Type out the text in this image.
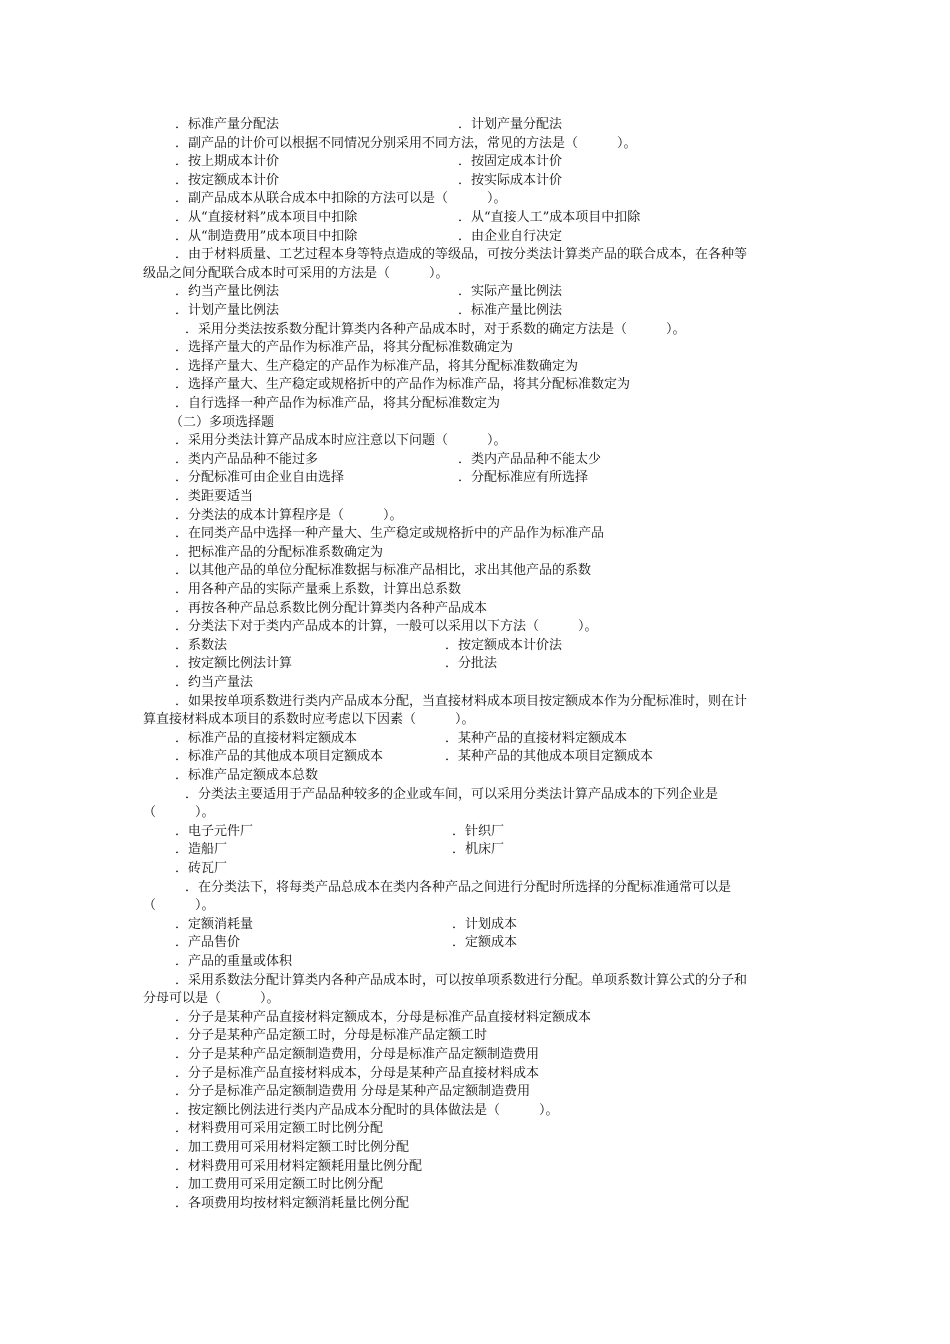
．标准产量分配法	．计划产量分配法
．副产品的计价可以根据不同情况分别采用不同方法，常见的方法是（　　　）。
．按上期成本计价	．按固定成本计价
．按定额成本计价	．按实际成本计价
．副产品成本从联合成本中扣除的方法可以是（　　　）。
．从“直接材料”成本项目中扣除	．从“直接人工”成本项目中扣除
．从“制造费用”成本项目中扣除	．由企业自行决定
．由于材料质量、工艺过程本身等特点造成的等级品，可按分类法计算类产品的联合成本，在各种等
级品之间分配联合成本时可采用的方法是（　　　）。
．约当产量比例法	．实际产量比例法
．计划产量比例法	．标准产量比例法
．采用分类法按系数分配计算类内各种产品成本时，对于系数的确定方法是（　　　）。
．选择产量大的产品作为标准产品，将其分配标准数确定为
．选择产量大、生产稳定的产品作为标准产品，将其分配标准数确定为
．选择产量大、生产稳定或规格折中的产品作为标准产品，将其分配标准数定为
．自行选择一种产品作为标准产品，将其分配标准数定为
（二）多项选择题
．采用分类法计算产品成本时应注意以下问题（　　　）。
．类内产品品种不能过多	．类内产品品种不能太少
．分配标准可由企业自由选择	．分配标准应有所选择
．类距要适当
．分类法的成本计算程序是（　　　）。
．在同类产品中选择一种产量大、生产稳定或规格折中的产品作为标准产品
．把标准产品的分配标准系数确定为
．以其他产品的单位分配标准数据与标准产品相比，求出其他产品的系数
．用各种产品的实际产量乘上系数，计算出总系数
．再按各种产品总系数比例分配计算类内各种产品成本
．分类法下对于类内产品成本的计算，一般可以采用以下方法（　　　）。
．系数法	．按定额成本计价法
．按定额比例法计算	．分批法
．约当产量法
．如果按单项系数进行类内产品成本分配，当直接材料成本项目按定额成本作为分配标准时，则在计
算直接材料成本项目的系数时应考虑以下因素（　　　）。
．标准产品的直接材料定额成本	．某种产品的直接材料定额成本
．标准产品的其他成本项目定额成本	．某种产品的其他成本项目定额成本
．标准产品定额成本总数
．分类法主要适用于产品品种较多的企业或车间，可以采用分类法计算产品成本的下列企业是
（　　　）。
．电子元件厂	．针织厂
．造船厂	．机床厂
．砖瓦厂
．在分类法下，将每类产品总成本在类内各种产品之间进行分配时所选择的分配标准通常可以是
（　　　）。
．定额消耗量	．计划成本
．产品售价	．定额成本
．产品的重量或体积
．采用系数法分配计算类内各种产品成本时，可以按单项系数进行分配。单项系数计算公式的分子和
分母可以是（　　　）。
．分子是某种产品直接材料定额成本，分母是标准产品直接材料定额成本
．分子是某种产品定额工时，分母是标准产品定额工时
．分子是某种产品定额制造费用，分母是标准产品定额制造费用
．分子是标准产品直接材料成本，分母是某种产品直接材料成本
．分子是标准产品定额制造费用 分母是某种产品定额制造费用
．按定额比例法进行类内产品成本分配时的具体做法是（　　　）。
．材料费用可采用定额工时比例分配
．加工费用可采用材料定额工时比例分配
．材料费用可采用材料定额耗用量比例分配
．加工费用可采用定额工时比例分配
．各项费用均按材料定额消耗量比例分配
